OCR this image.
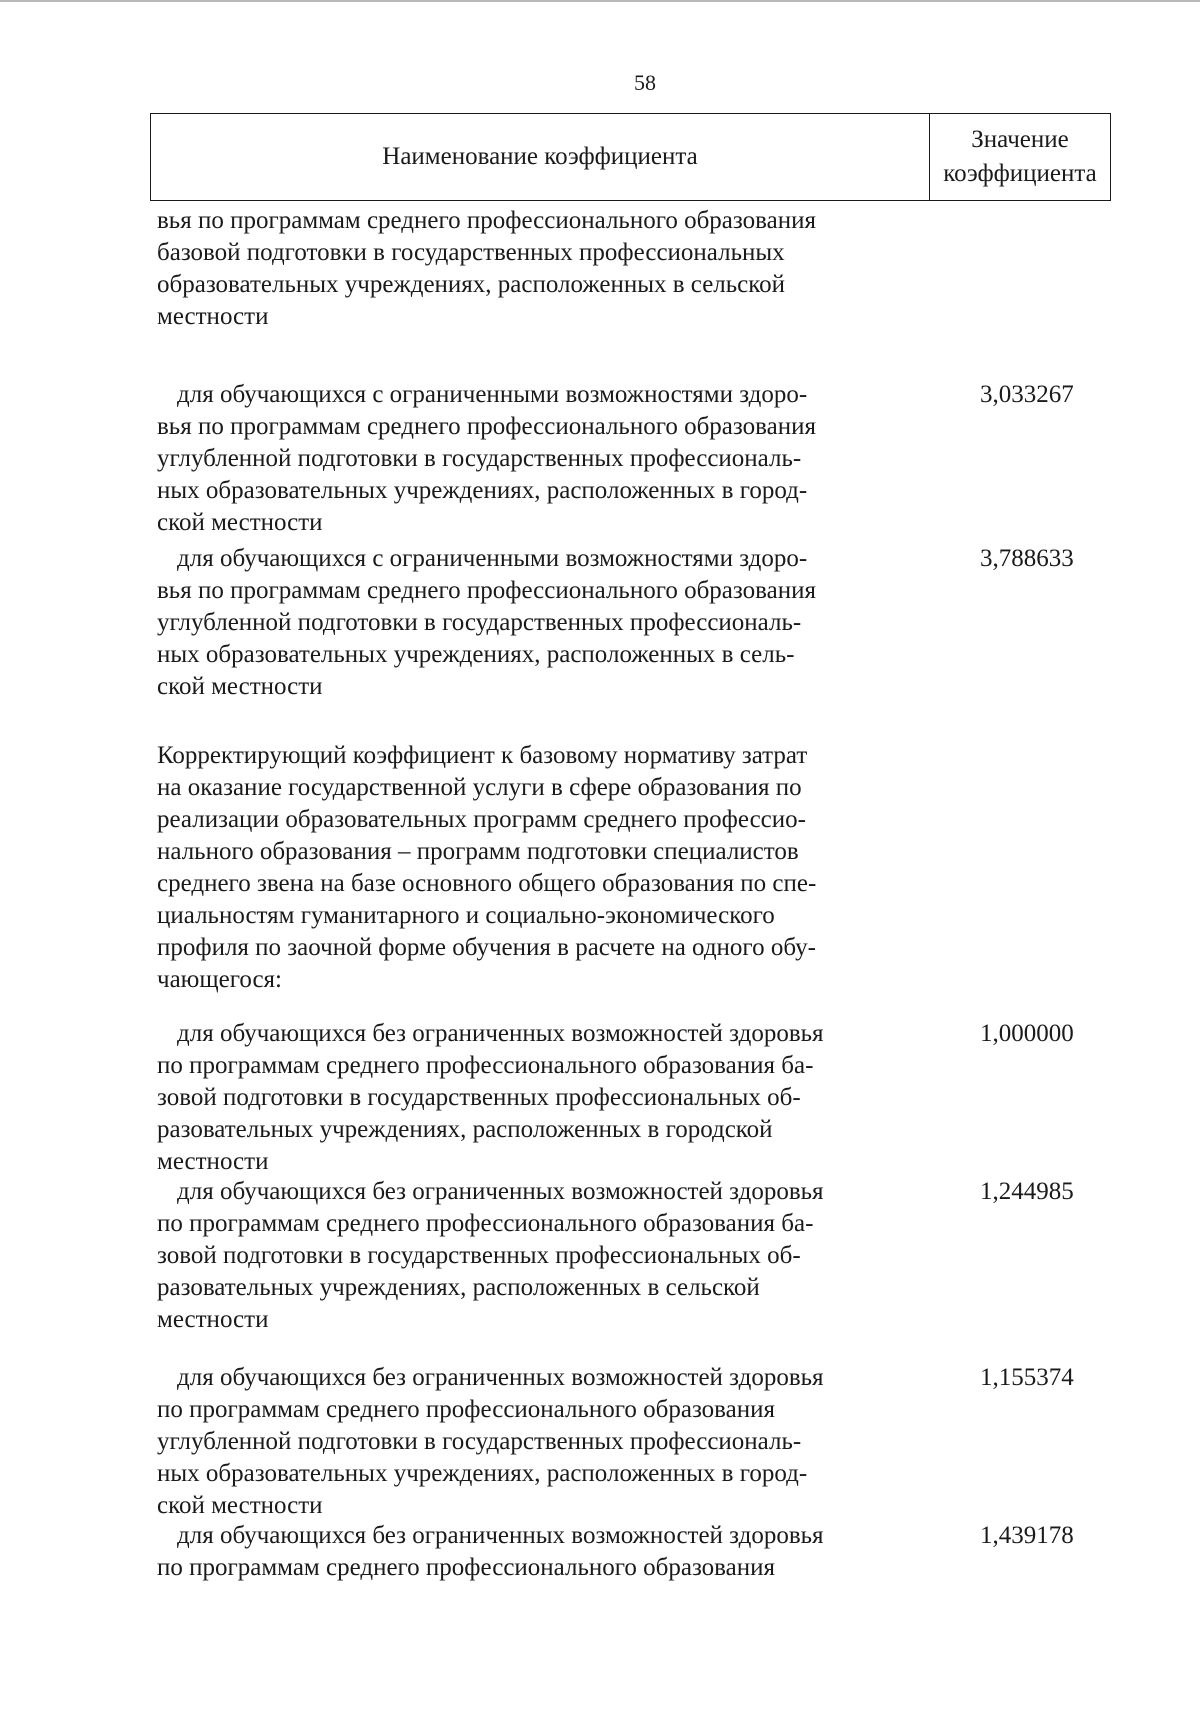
58
Наименование коэффициента
Значение
коэффициента
вья по программам среднего профессионального образования
базовой подготовки в государственных профессиональных
образовательных учреждениях, расположенных в сельской
местности
для обучающихся с ограниченными возможностями здоро-
вья по программам среднего профессионального образования
углубленной подготовки в государственных профессиональ-
ных образовательных учреждениях, расположенных в город-
ской местности
3,033267
для обучающихся с ограниченными возможностями здоро-
вья по программам среднего профессионального образования
углубленной подготовки в государственных профессиональ-
ных образовательных учреждениях, расположенных в сель-
ской местности
3,788633
Корректирующий коэффициент к базовому нормативу затрат
на оказание государственной услуги в сфере образования по
реализации образовательных программ среднего профессио-
нального образования – программ подготовки специалистов
среднего звена на базе основного общего образования по спе-
циальностям гуманитарного и социально-экономического
профиля по заочной форме обучения в расчете на одного обу-
чающегося:
для обучающихся без ограниченных возможностей здоровья
по программам среднего профессионального образования ба-
зовой подготовки в государственных профессиональных об-
разовательных учреждениях, расположенных в городской
местности
1,000000
для обучающихся без ограниченных возможностей здоровья
по программам среднего профессионального образования ба-
зовой подготовки в государственных профессиональных об-
разовательных учреждениях, расположенных в сельской
местности
1,244985
для обучающихся без ограниченных возможностей здоровья
по программам среднего профессионального образования
углубленной подготовки в государственных профессиональ-
ных образовательных учреждениях, расположенных в город-
ской местности
1,155374
для обучающихся без ограниченных возможностей здоровья
по программам среднего профессионального образования
1,439178
